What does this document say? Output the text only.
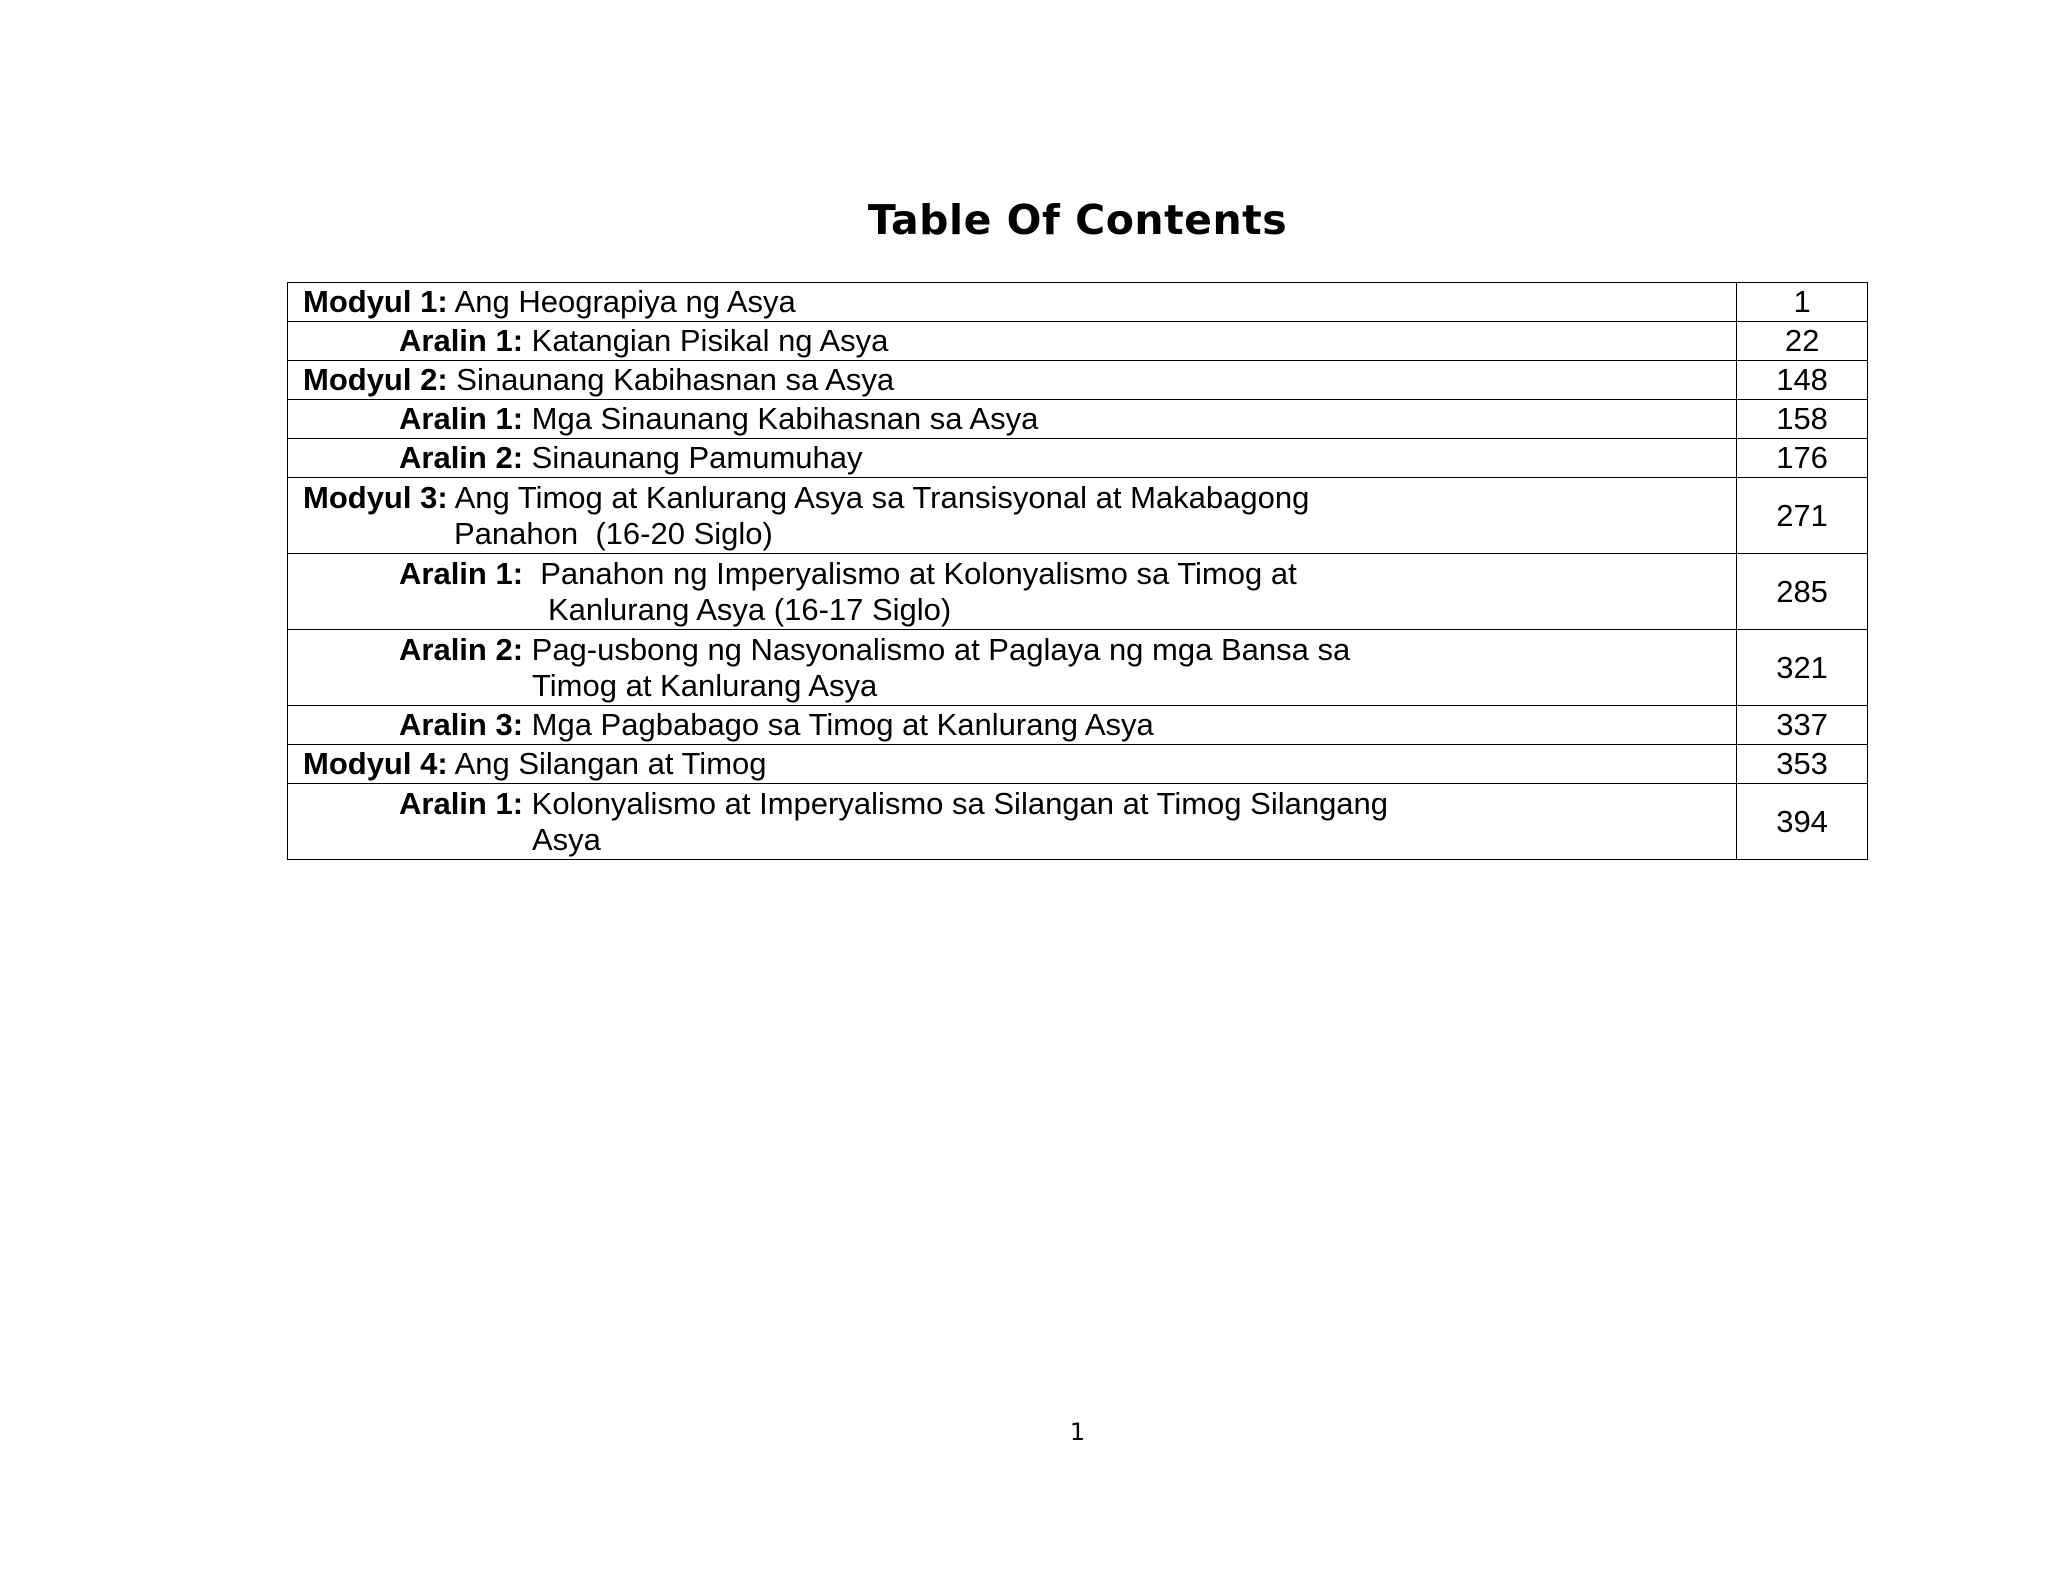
Table Of Contents
Modyul 1: Ang Heograpiya ng Asya	1

Aralin 1: Katangian Pisikal ng Asya	22

Modyul 2: Sinaunang Kabihasnan sa Asya	148

Aralin 1: Mga Sinaunang Kabihasnan sa Asya	158

Aralin 2: Sinaunang Pamumuhay	176

Modyul 3: Ang Timog at Kanlurang Asya sa Transisyonal at Makabagong
Panahon  (16-20 Siglo)	271

Aralin 1:  Panahon ng Imperyalismo at Kolonyalismo sa Timog at
Kanlurang Asya (16-17 Siglo)	285

Aralin 2: Pag-usbong ng Nasyonalismo at Paglaya ng mga Bansa sa
Timog at Kanlurang Asya	321

Aralin 3: Mga Pagbabago sa Timog at Kanlurang Asya	337

Modyul 4: Ang Silangan at Timog	353

Aralin 1: Kolonyalismo at Imperyalismo sa Silangan at Timog Silangang
Asya	394
1
